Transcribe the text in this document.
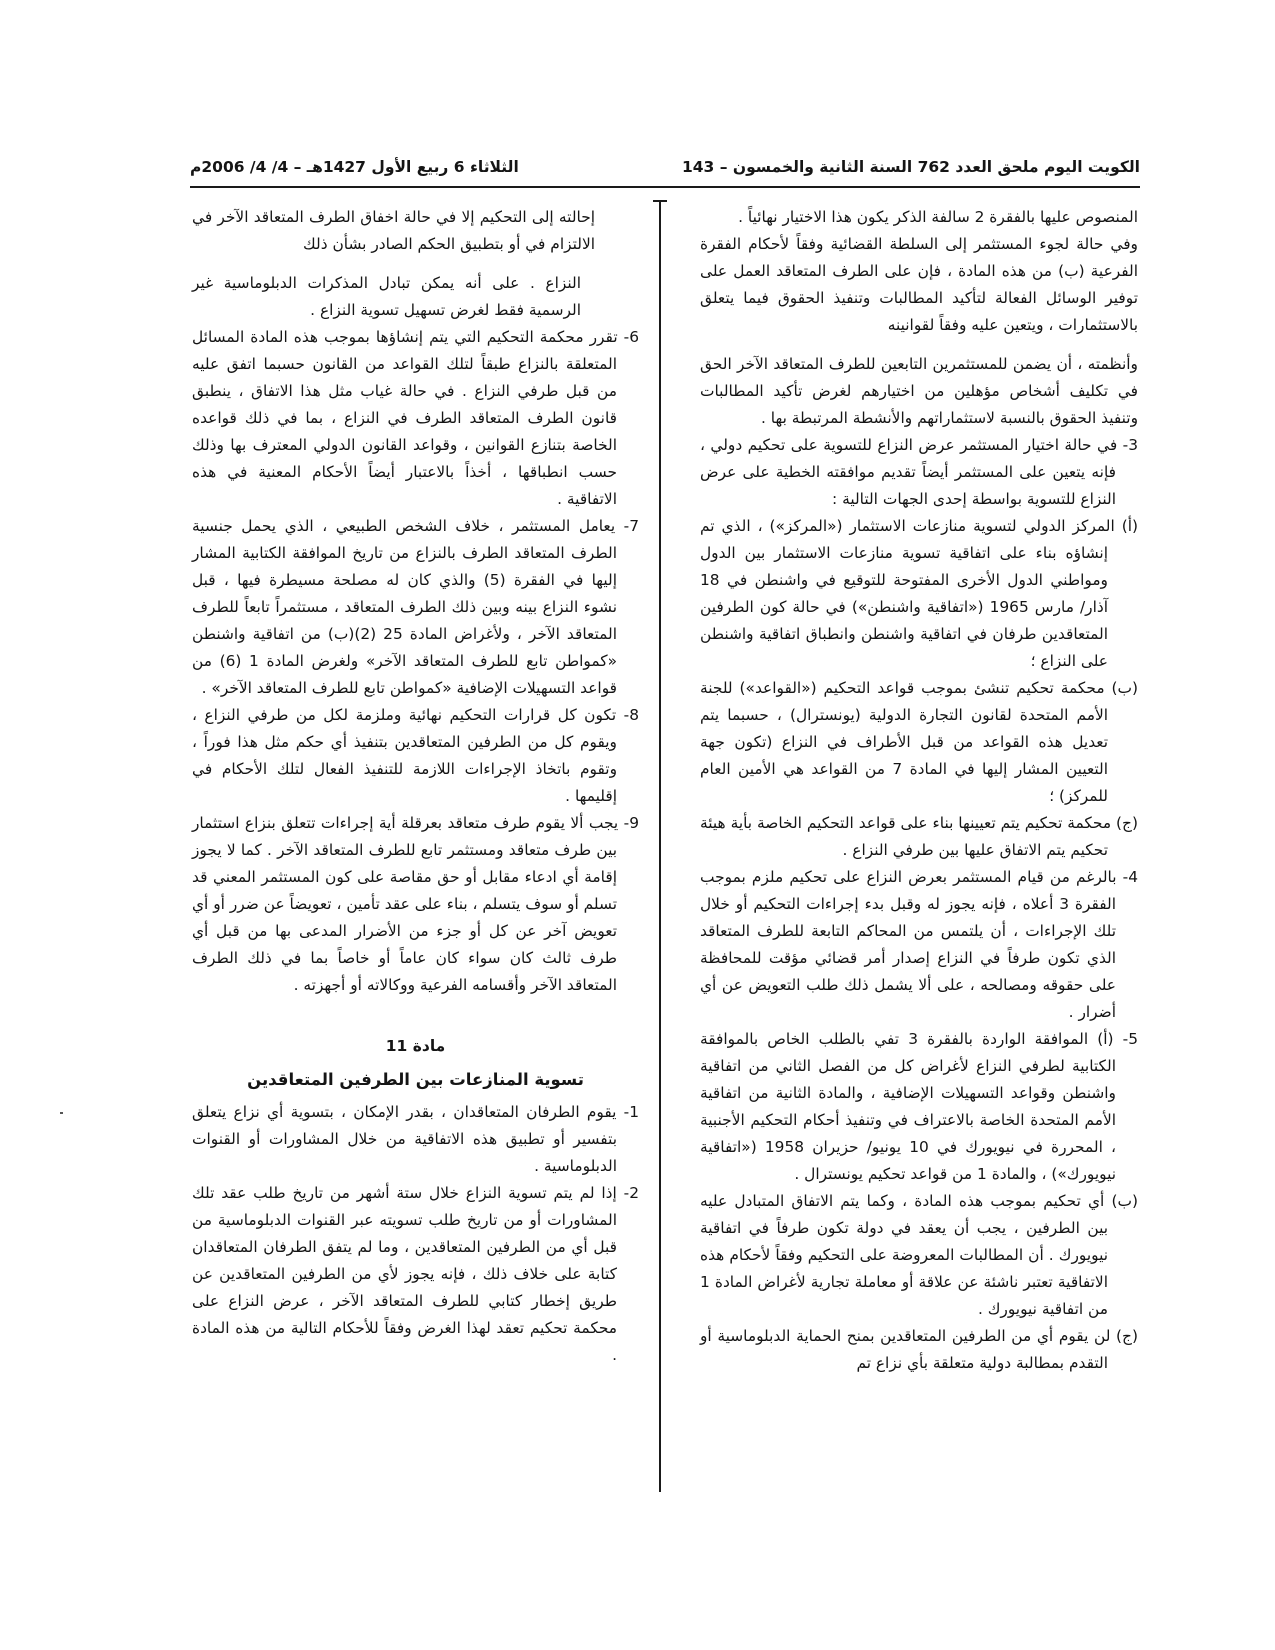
الكويت اليوم ملحق العدد 762 السنة الثانية والخمسون – 143
الثلاثاء 6 ربيع الأول 1427هـ – 4/ 4/ 2006م

المنصوص عليها بالفقرة 2 سالفة الذكر يكون هذا الاختيار نهائياً .

وفي حالة لجوء المستثمر إلى السلطة القضائية وفقاً لأحكام الفقرة الفرعية (ب) من هذه المادة ، فإن على الطرف المتعاقد العمل على توفير الوسائل الفعالة لتأكيد المطالبات وتنفيذ الحقوق فيما يتعلق بالاستثمارات ، ويتعين عليه وفقاً لقوانينه

وأنظمته ، أن يضمن للمستثمرين التابعين للطرف المتعاقد الآخر الحق في تكليف أشخاص مؤهلين من اختيارهم لغرض تأكيد المطالبات وتنفيذ الحقوق بالنسبة لاستثماراتهم والأنشطة المرتبطة بها .

3- في حالة اختيار المستثمر عرض النزاع للتسوية على تحكيم دولي ، فإنه يتعين على المستثمر أيضاً تقديم موافقته الخطية على عرض النزاع للتسوية بواسطة إحدى الجهات التالية :

(أ) المركز الدولي لتسوية منازعات الاستثمار («المركز») ، الذي تم إنشاؤه بناء على اتفاقية تسوية منازعات الاستثمار بين الدول ومواطني الدول الأخرى المفتوحة للتوقيع في واشنطن في 18 آذار/ مارس 1965 («اتفاقية واشنطن») في حالة كون الطرفين المتعاقدين طرفان في اتفاقية واشنطن وانطباق اتفاقية واشنطن على النزاع ؛

(ب) محكمة تحكيم تنشئ بموجب قواعد التحكيم («القواعد») للجنة الأمم المتحدة لقانون التجارة الدولية (يونسترال) ، حسبما يتم تعديل هذه القواعد من قبل الأطراف في النزاع (تكون جهة التعيين المشار إليها في المادة 7 من القواعد هي الأمين العام للمركز) ؛

(ج) محكمة تحكيم يتم تعيينها بناء على قواعد التحكيم الخاصة بأية هيئة تحكيم يتم الاتفاق عليها بين طرفي النزاع .

4- بالرغم من قيام المستثمر بعرض النزاع على تحكيم ملزم بموجب الفقرة 3 أعلاه ، فإنه يجوز له وقبل بدء إجراءات التحكيم أو خلال تلك الإجراءات ، أن يلتمس من المحاكم التابعة للطرف المتعاقد الذي تكون طرفاً في النزاع إصدار أمر قضائي مؤقت للمحافظة على حقوقه ومصالحه ، على ألا يشمل ذلك طلب التعويض عن أي أضرار .

5- (أ) الموافقة الواردة بالفقرة 3 تفي بالطلب الخاص بالموافقة الكتابية لطرفي النزاع لأغراض كل من الفصل الثاني من اتفاقية واشنطن وقواعد التسهيلات الإضافية ، والمادة الثانية من اتفاقية الأمم المتحدة الخاصة بالاعتراف في وتنفيذ أحكام التحكيم الأجنبية ، المحررة في نيويورك في 10 يونيو/ حزيران 1958 («اتفاقية نيويورك») ، والمادة 1 من قواعد تحكيم يونسترال .

(ب) أي تحكيم بموجب هذه المادة ، وكما يتم الاتفاق المتبادل عليه بين الطرفين ، يجب أن يعقد في دولة تكون طرفاً في اتفاقية نيويورك . أن المطالبات المعروضة على التحكيم وفقاً لأحكام هذه الاتفاقية تعتبر ناشئة عن علاقة أو معاملة تجارية لأغراض المادة 1 من اتفاقية نيويورك .

(ج) لن يقوم أي من الطرفين المتعاقدين بمنح الحماية الدبلوماسية أو التقدم بمطالبة دولية متعلقة بأي نزاع تم

إحالته إلى التحكيم إلا في حالة اخفاق الطرف المتعاقد الآخر في الالتزام في أو بتطبيق الحكم الصادر بشأن ذلك

النزاع . على أنه يمكن تبادل المذكرات الدبلوماسية غير الرسمية فقط لغرض تسهيل تسوية النزاع .

6- تقرر محكمة التحكيم التي يتم إنشاؤها بموجب هذه المادة المسائل المتعلقة بالنزاع طبقاً لتلك القواعد من القانون حسبما اتفق عليه من قبل طرفي النزاع . في حالة غياب مثل هذا الاتفاق ، ينطبق قانون الطرف المتعاقد الطرف في النزاع ، بما في ذلك قواعده الخاصة بتنازع القوانين ، وقواعد القانون الدولي المعترف بها وذلك حسب انطباقها ، أخذاً بالاعتبار أيضاً الأحكام المعنية في هذه الاتفاقية .

7- يعامل المستثمر ، خلاف الشخص الطبيعي ، الذي يحمل جنسية الطرف المتعاقد الطرف بالنزاع من تاريخ الموافقة الكتابية المشار إليها في الفقرة (5) والذي كان له مصلحة مسيطرة فيها ، قبل نشوء النزاع بينه وبين ذلك الطرف المتعاقد ، مستثمراً تابعاً للطرف المتعاقد الآخر ، ولأغراض المادة 25 (2)(ب) من اتفاقية واشنطن «كمواطن تابع للطرف المتعاقد الآخر» ولغرض المادة 1 (6) من قواعد التسهيلات الإضافية «كمواطن تابع للطرف المتعاقد الآخر» .

8- تكون كل قرارات التحكيم نهائية وملزمة لكل من طرفي النزاع ، ويقوم كل من الطرفين المتعاقدين بتنفيذ أي حكم مثل هذا فوراً ، وتقوم باتخاذ الإجراءات اللازمة للتنفيذ الفعال لتلك الأحكام في إقليمها .

9- يجب ألا يقوم طرف متعاقد بعرقلة أية إجراءات تتعلق بنزاع استثمار بين طرف متعاقد ومستثمر تابع للطرف المتعاقد الآخر . كما لا يجوز إقامة أي ادعاء مقابل أو حق مقاصة على كون المستثمر المعني قد تسلم أو سوف يتسلم ، بناء على عقد تأمين ، تعويضاً عن ضرر أو أي تعويض آخر عن كل أو جزء من الأضرار المدعى بها من قبل أي طرف ثالث كان سواء كان عاماً أو خاصاً بما في ذلك الطرف المتعاقد الآخر وأقسامه الفرعية ووكالاته أو أجهزته .

مادة 11

تسوية المنازعات بين الطرفين المتعاقدين

1- يقوم الطرفان المتعاقدان ، بقدر الإمكان ، بتسوية أي نزاع يتعلق بتفسير أو تطبيق هذه الاتفاقية من خلال المشاورات أو القنوات الدبلوماسية .

2- إذا لم يتم تسوية النزاع خلال ستة أشهر من تاريخ طلب عقد تلك المشاورات أو من تاريخ طلب تسويته عبر القنوات الدبلوماسية من قبل أي من الطرفين المتعاقدين ، وما لم يتفق الطرفان المتعاقدان كتابة على خلاف ذلك ، فإنه يجوز لأي من الطرفين المتعاقدين عن طريق إخطار كتابي للطرف المتعاقد الآخر ، عرض النزاع على محكمة تحكيم تعقد لهذا الغرض وفقاً للأحكام التالية من هذه المادة .
